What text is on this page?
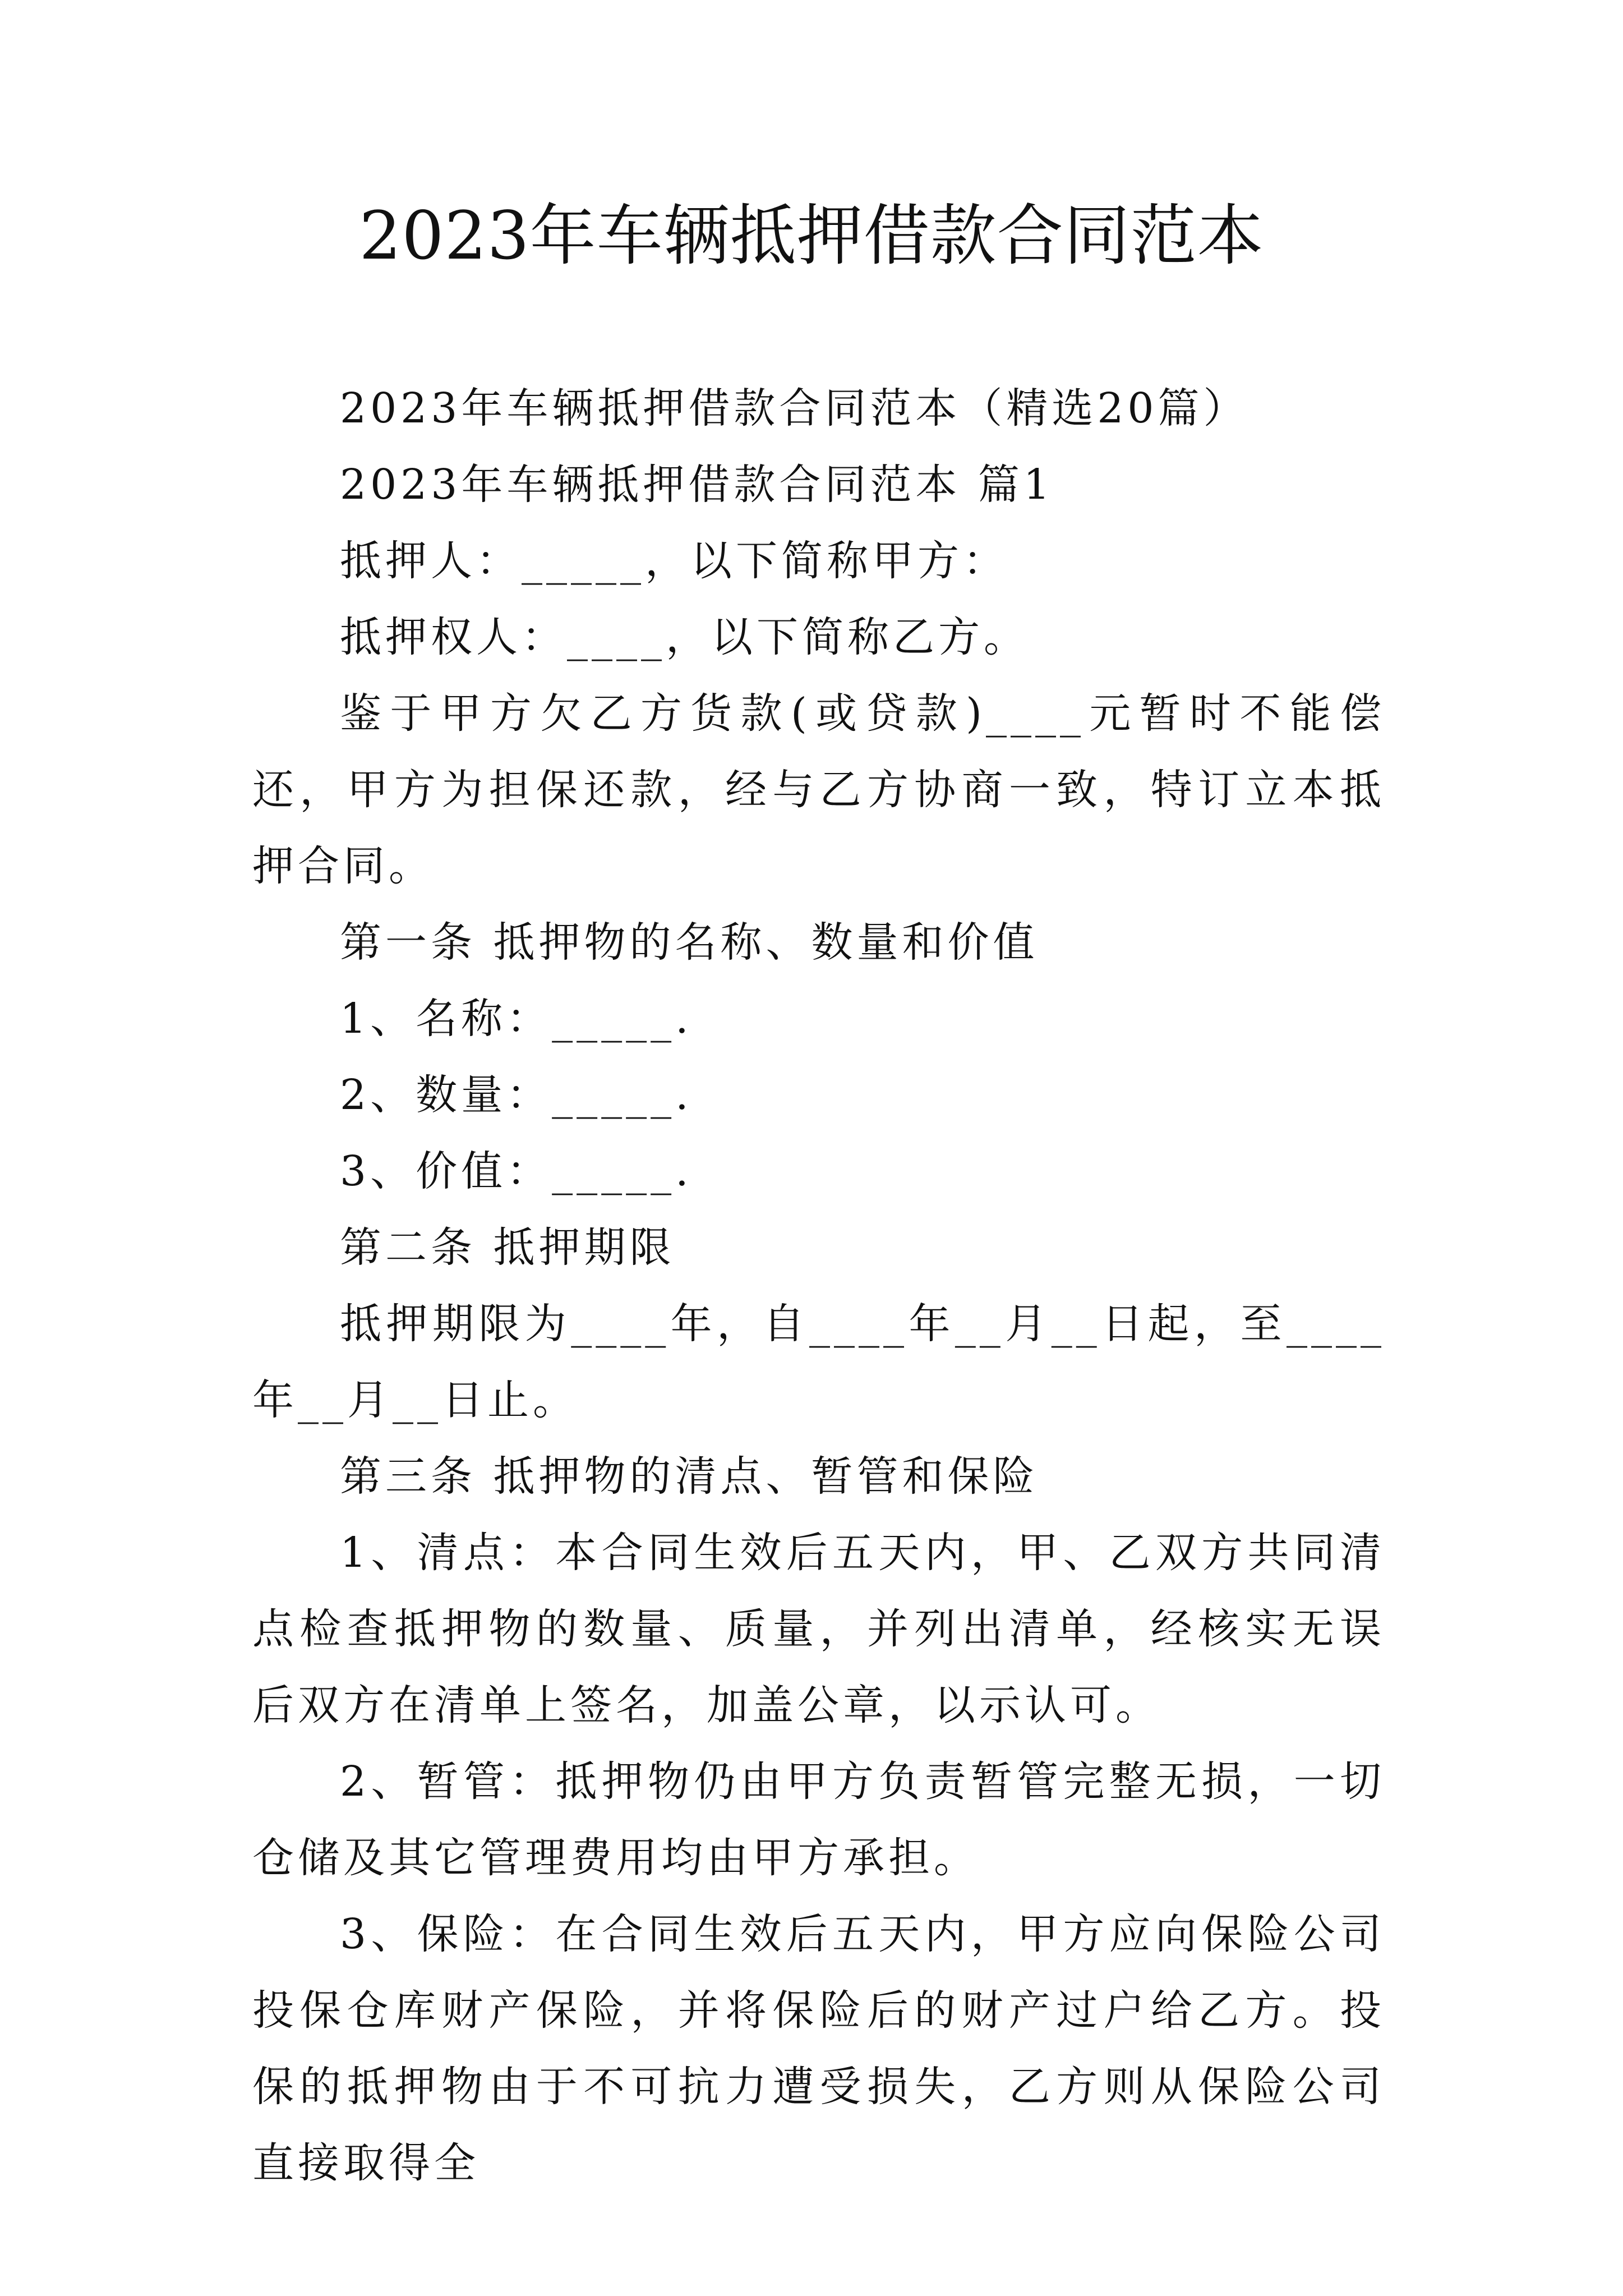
2023年车辆抵押借款合同范本

2023年车辆抵押借款合同范本（精选20篇）

2023年车辆抵押借款合同范本 篇1

抵押人：_____，以下简称甲方：

抵押权人：____，以下简称乙方。

鉴于甲方欠乙方货款(或贷款)____元暂时不能偿还，甲方为担保还款，经与乙方协商一致，特订立本抵押合同。

第一条 抵押物的名称、数量和价值

1、名称：_____.

2、数量：_____.

3、价值：_____.

第二条 抵押期限

抵押期限为____年，自____年__月__日起，至____年__月__日止。

第三条 抵押物的清点、暂管和保险

1、清点：本合同生效后五天内，甲、乙双方共同清点检查抵押物的数量、质量，并列出清单，经核实无误后双方在清单上签名，加盖公章，以示认可。

2、暂管：抵押物仍由甲方负责暂管完整无损，一切仓储及其它管理费用均由甲方承担。

3、保险：在合同生效后五天内，甲方应向保险公司投保仓库财产保险，并将保险后的财产过户给乙方。投保的抵押物由于不可抗力遭受损失，乙方则从保险公司直接取得全
